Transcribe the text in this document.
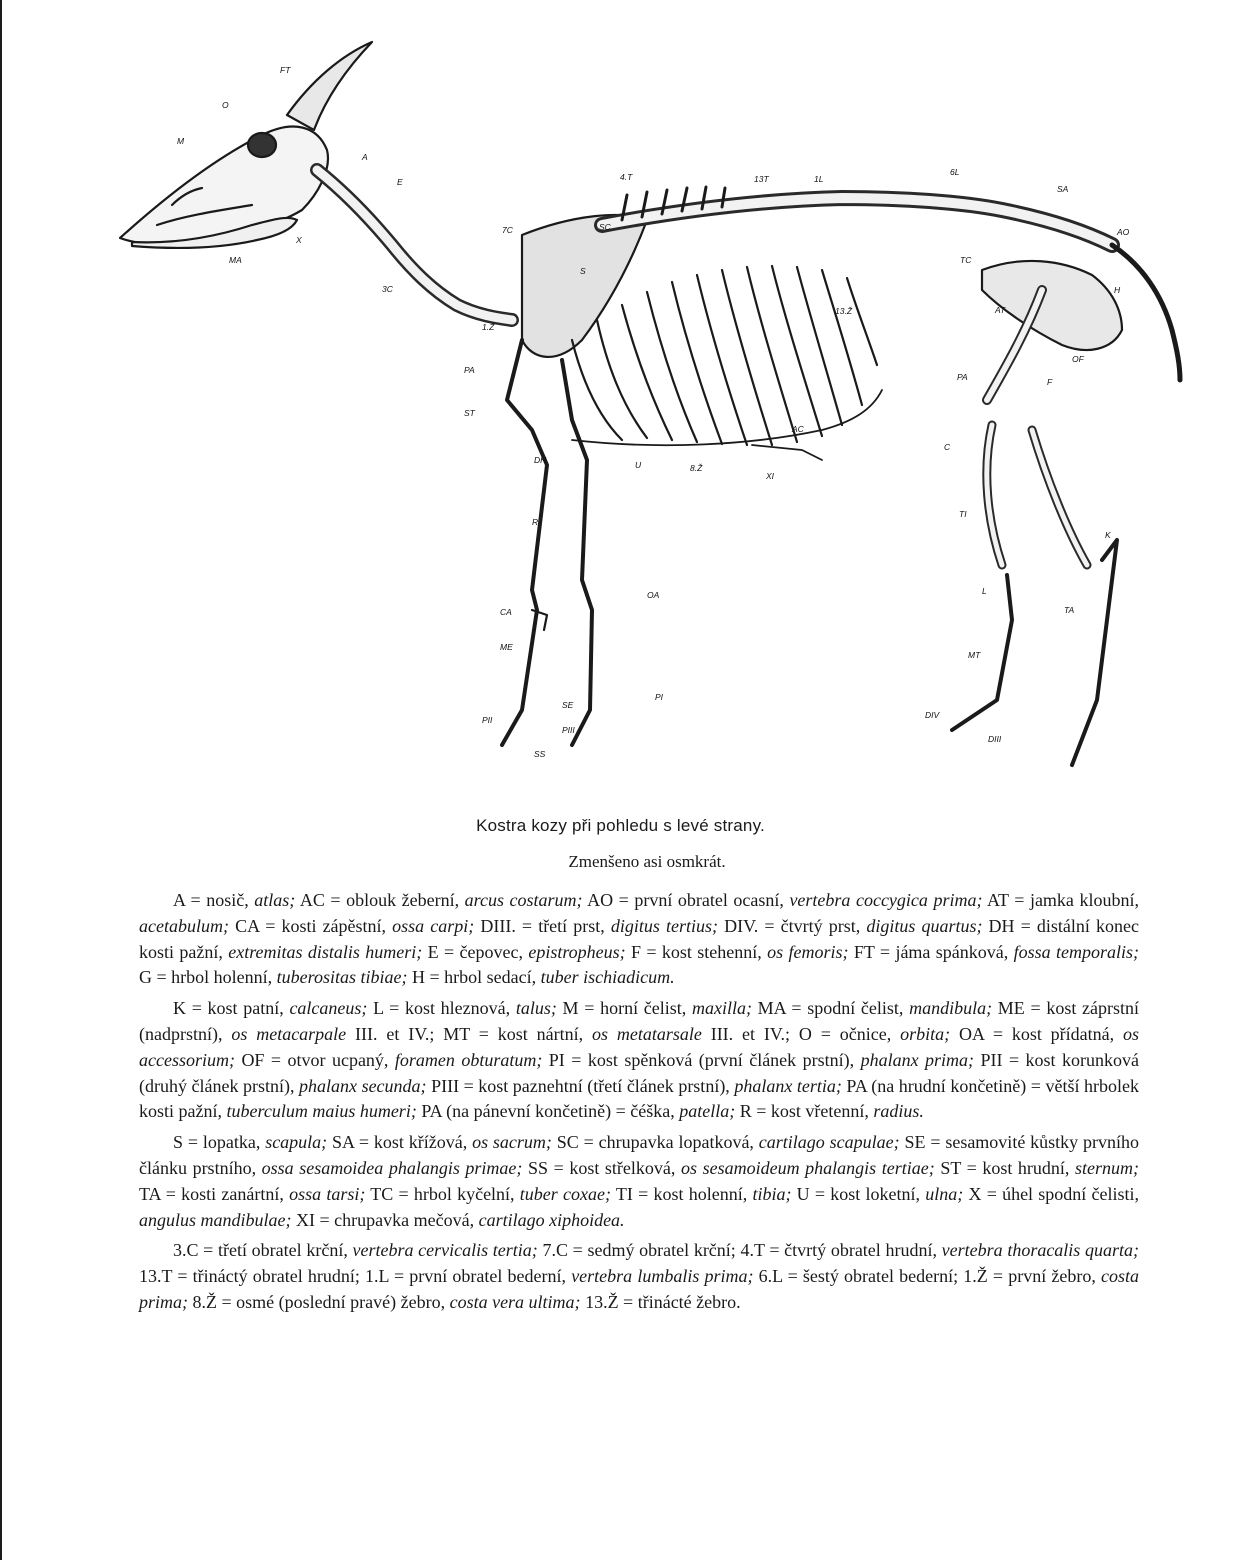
FT
O
M
MA
X
A
E
3C
7C
4.T
SC
S
13T	1L
6L
SA
AO
TC
AT
H
OF
1.Ž
13.Ž
PA
ST
AC
8.Ž
XI
DH	U
R
CA
OA
ME
SE
PI
PII
PIII
SS
PA	F
C
TI
K
L
TA
MT
DIV
DIII
Kostra kozy při pohledu s levé strany.
Zmenšeno asi osmkrát.

A = nosič, atlas; AC = oblouk žeberní, arcus costarum; AO = první obratel ocasní, vertebra coccygica prima; AT = jamka kloubní, acetabulum; CA = kosti zápěstní, ossa carpi; DIII. = třetí prst, digitus tertius; DIV. = čtvrtý prst, digitus quartus; DH = distální konec kosti pažní, extremitas distalis humeri; E = čepovec, epistropheus; F = kost stehenní, os femoris; FT = jáma spánková, fossa temporalis; G = hrbol holenní, tuberositas tibiae; H = hrbol sedací, tuber ischiadicum.

K = kost patní, calcaneus; L = kost hleznová, talus; M = horní čelist, maxilla; MA = spodní čelist, mandibula; ME = kost záprstní (nadprstní), os metacarpale III. et IV.; MT = kost nártní, os metatarsale III. et IV.; O = očnice, orbita; OA = kost přídatná, os accessorium; OF = otvor ucpaný, foramen obturatum; PI = kost spěnková (první článek prstní), phalanx prima; PII = kost korunková (druhý článek prstní), phalanx secunda; PIII = kost paznehtní (třetí článek prstní), phalanx tertia; PA (na hrudní končetině) = větší hrbolek kosti pažní, tuberculum maius humeri; PA (na pánevní končetině) = čéška, patella; R = kost vřetenní, radius.

S = lopatka, scapula; SA = kost křížová, os sacrum; SC = chrupavka lopatková, cartilago scapulae; SE = sesamovité kůstky prvního článku prstního, ossa sesamoidea phalangis primae; SS = kost střelková, os sesamoideum phalangis tertiae; ST = kost hrudní, sternum; TA = kosti zanártní, ossa tarsi; TC = hrbol kyčelní, tuber coxae; TI = kost holenní, tibia; U = kost loketní, ulna; X = úhel spodní čelisti, angulus mandibulae; XI = chrupavka mečová, cartilago xiphoidea.

3.C = třetí obratel krční, vertebra cervicalis tertia; 7.C = sedmý obratel krční; 4.T = čtvrtý obratel hrudní, vertebra thoracalis quarta; 13.T = třináctý obratel hrudní; 1.L = první obratel bederní, vertebra lumbalis prima; 6.L = šestý obratel bederní; 1.Ž = první žebro, costa prima; 8.Ž = osmé (poslední pravé) žebro, costa vera ultima; 13.Ž = třinácté žebro.
